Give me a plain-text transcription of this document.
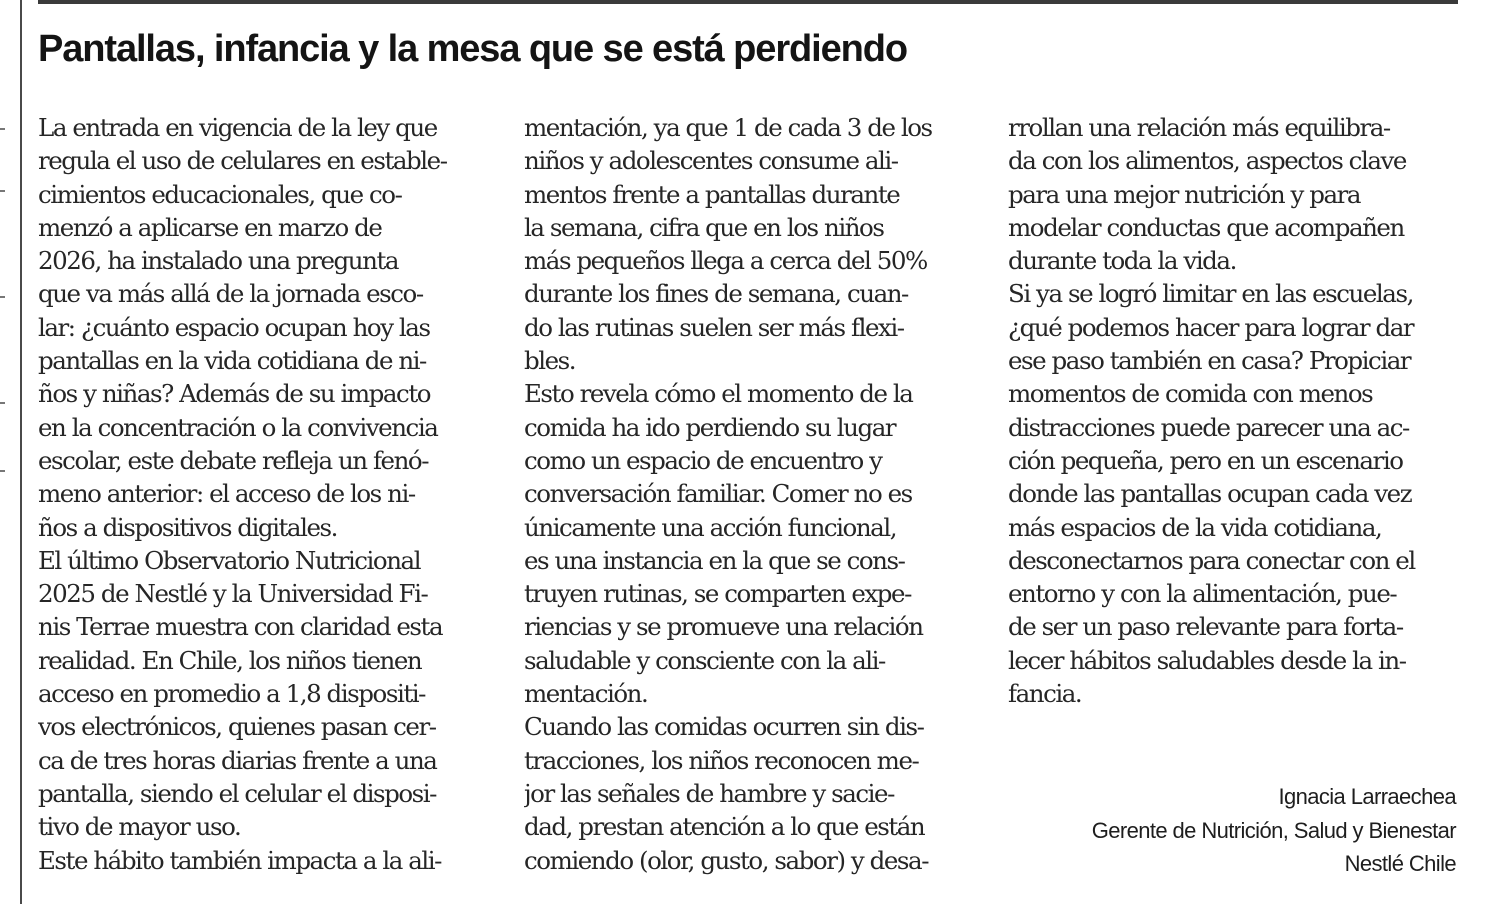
Pantallas, infancia y la mesa que se está perdiendo
La entrada en vigencia de la ley que
regula el uso de celulares en estable-
cimientos educacionales, que co-
menzó a aplicarse en marzo de
2026, ha instalado una pregunta
que va más allá de la jornada esco-
lar: ¿cuánto espacio ocupan hoy las
pantallas en la vida cotidiana de ni-
ños y niñas? Además de su impacto
en la concentración o la convivencia
escolar, este debate refleja un fenó-
meno anterior: el acceso de los ni-
ños a dispositivos digitales.
El último Observatorio Nutricional
2025 de Nestlé y la Universidad Fi-
nis Terrae muestra con claridad esta
realidad. En Chile, los niños tienen
acceso en promedio a 1,8 dispositi-
vos electrónicos, quienes pasan cer-
ca de tres horas diarias frente a una
pantalla, siendo el celular el disposi-
tivo de mayor uso.
Este hábito también impacta a la ali-
mentación, ya que 1 de cada 3 de los
niños y adolescentes consume ali-
mentos frente a pantallas durante
la semana, cifra que en los niños
más pequeños llega a cerca del 50%
durante los fines de semana, cuan-
do las rutinas suelen ser más flexi-
bles.
Esto revela cómo el momento de la
comida ha ido perdiendo su lugar
como un espacio de encuentro y
conversación familiar. Comer no es
únicamente una acción funcional,
es una instancia en la que se cons-
truyen rutinas, se comparten expe-
riencias y se promueve una relación
saludable y consciente con la ali-
mentación.
Cuando las comidas ocurren sin dis-
tracciones, los niños reconocen me-
jor las señales de hambre y sacie-
dad, prestan atención a lo que están
comiendo (olor, gusto, sabor) y desa-
rrollan una relación más equilibra-
da con los alimentos, aspectos clave
para una mejor nutrición y para
modelar conductas que acompañen
durante toda la vida.
Si ya se logró limitar en las escuelas,
¿qué podemos hacer para lograr dar
ese paso también en casa? Propiciar
momentos de comida con menos
distracciones puede parecer una ac-
ción pequeña, pero en un escenario
donde las pantallas ocupan cada vez
más espacios de la vida cotidiana,
desconectarnos para conectar con el
entorno y con la alimentación, pue-
de ser un paso relevante para forta-
lecer hábitos saludables desde la in-
fancia.
Ignacia Larraechea
Gerente de Nutrición, Salud y Bienestar
Nestlé Chile
